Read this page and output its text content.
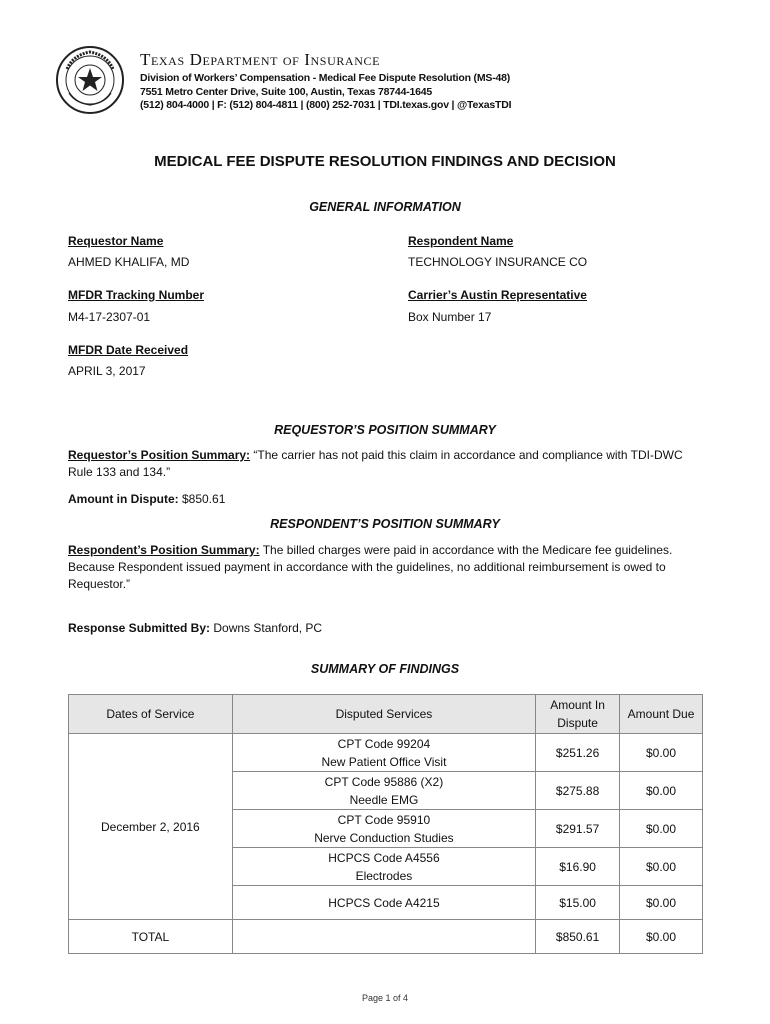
Texas Department of Insurance
Division of Workers’ Compensation - Medical Fee Dispute Resolution (MS-48)
7551 Metro Center Drive, Suite 100, Austin, Texas 78744-1645
(512) 804-4000 | F: (512) 804-4811 | (800) 252-7031 | TDI.texas.gov | @TexasTDI
MEDICAL FEE DISPUTE RESOLUTION FINDINGS AND DECISION
GENERAL INFORMATION
Requestor Name
AHMED KHALIFA, MD
Respondent Name
TECHNOLOGY INSURANCE CO
MFDR Tracking Number
M4-17-2307-01
Carrier’s Austin Representative
Box Number 17
MFDR Date Received
APRIL 3, 2017
REQUESTOR’S POSITION SUMMARY
Requestor’s Position Summary: “The carrier has not paid this claim in accordance and compliance with TDI-DWC Rule 133 and 134.”
Amount in Dispute: $850.61
RESPONDENT’S POSITION SUMMARY
Respondent’s Position Summary: The billed charges were paid in accordance with the Medicare fee guidelines. Because Respondent issued payment in accordance with the guidelines, no additional reimbursement is owed to Requestor.”
Response Submitted By: Downs Stanford, PC
SUMMARY OF FINDINGS
Dates of Service	Disputed Services	Amount In Dispute	Amount Due
December 2, 2016	CPT Code 99204
New Patient Office Visit	$251.26	$0.00

	CPT Code 95886 (X2)
Needle EMG	$275.88	$0.00

	CPT Code 95910
Nerve Conduction Studies	$291.57	$0.00

	HCPCS Code A4556
Electrodes	$16.90	$0.00

	HCPCS Code A4215	$15.00	$0.00
TOTAL		$850.61	$0.00
Page 1 of 4
